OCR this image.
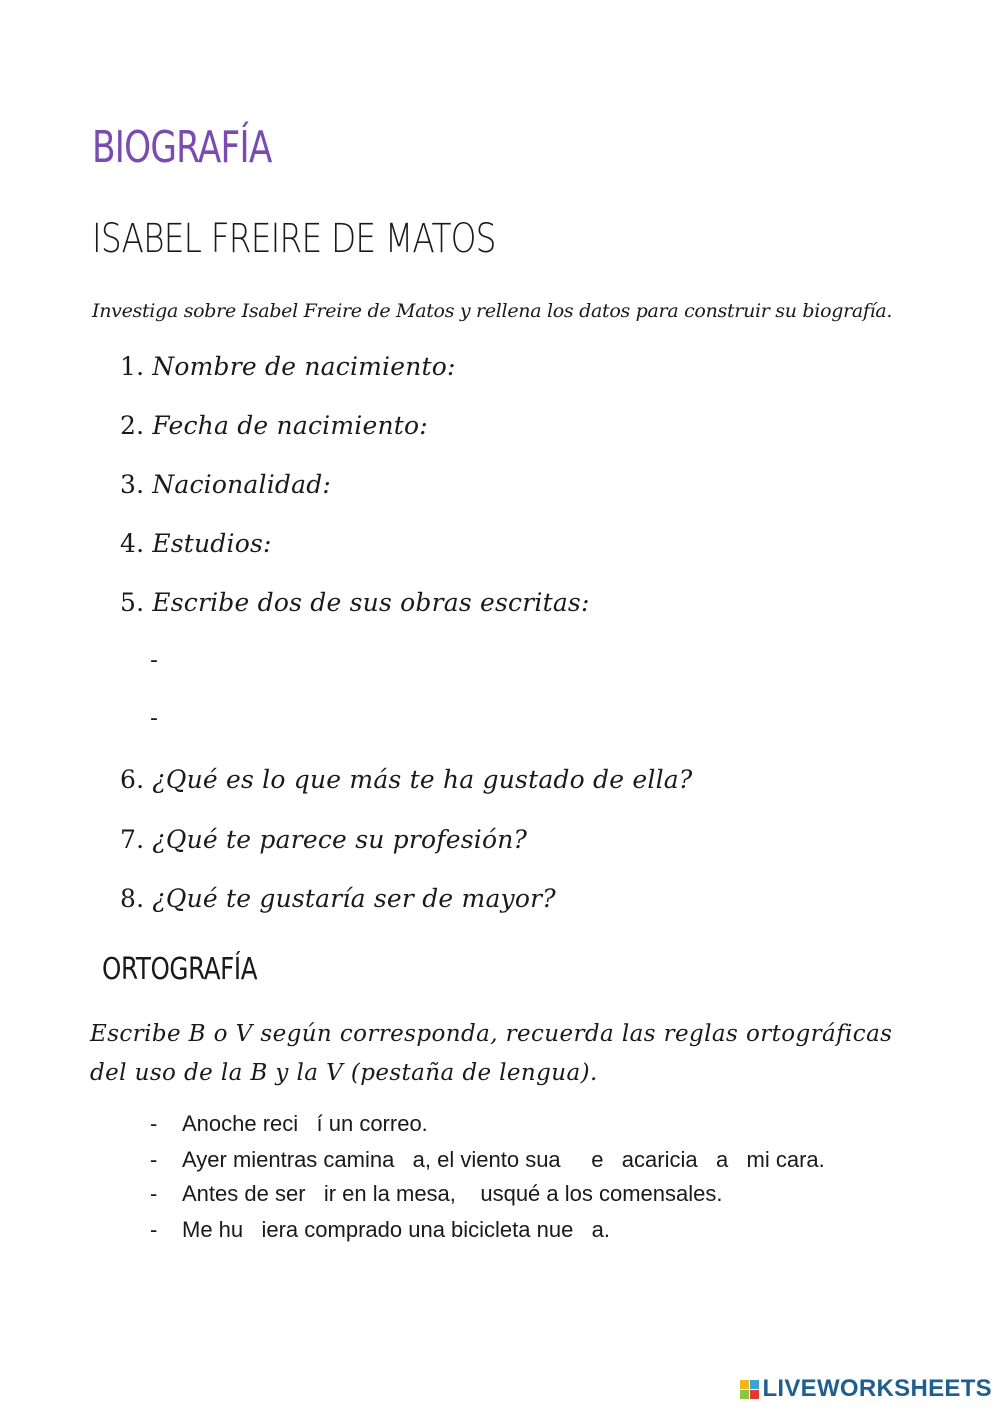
BIOGRAFÍA
ISABEL FREIRE DE MATOS
Investiga sobre Isabel Freire de Matos y rellena los datos para construir su biografía.
1. Nombre de nacimiento:
2. Fecha de nacimiento:
3. Nacionalidad:
4. Estudios:
5. Escribe dos de sus obras escritas:
-
-
6. ¿Qué es lo que más te ha gustado de ella?
7. ¿Qué te parece su profesión?
8. ¿Qué te gustaría ser de mayor?
ORTOGRAFÍA
Escribe B o V según corresponda, recuerda las reglas ortográficas
del uso de la B y la V (pestaña de lengua).
- Anoche reci   í un correo.
- Ayer mientras camina   a, el viento sua     e   acaricia   a   mi cara.
- Antes de ser   ir en la mesa,    usqué a los comensales.
- Me hu   iera comprado una bicicleta nue   a.
LIVEWORKSHEETS
